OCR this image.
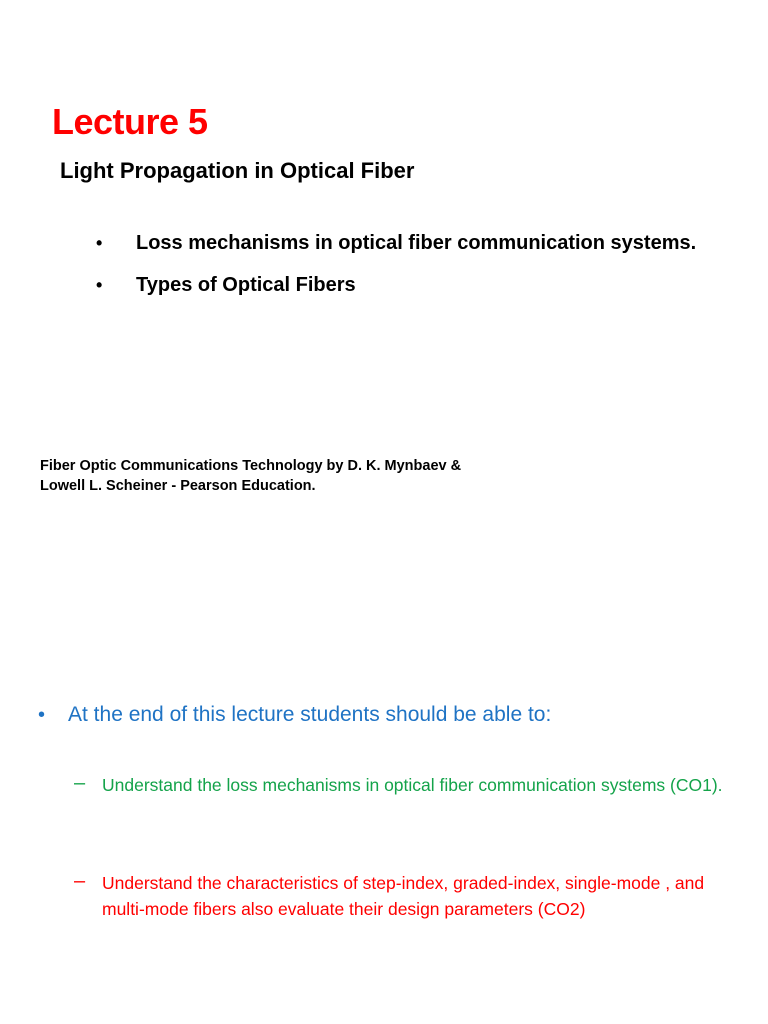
Lecture 5
Light Propagation in Optical Fiber
• Loss mechanisms in optical fiber communication systems.
• Types of Optical Fibers
Fiber Optic Communications Technology by D. K. Mynbaev &
Lowell L. Scheiner - Pearson Education.
• At the end of this lecture students should be able to:
– Understand the loss mechanisms in optical fiber communication systems (CO1).
– Understand the characteristics of step-index, graded-index, single-mode , and multi-mode fibers also evaluate their design parameters (CO2)
